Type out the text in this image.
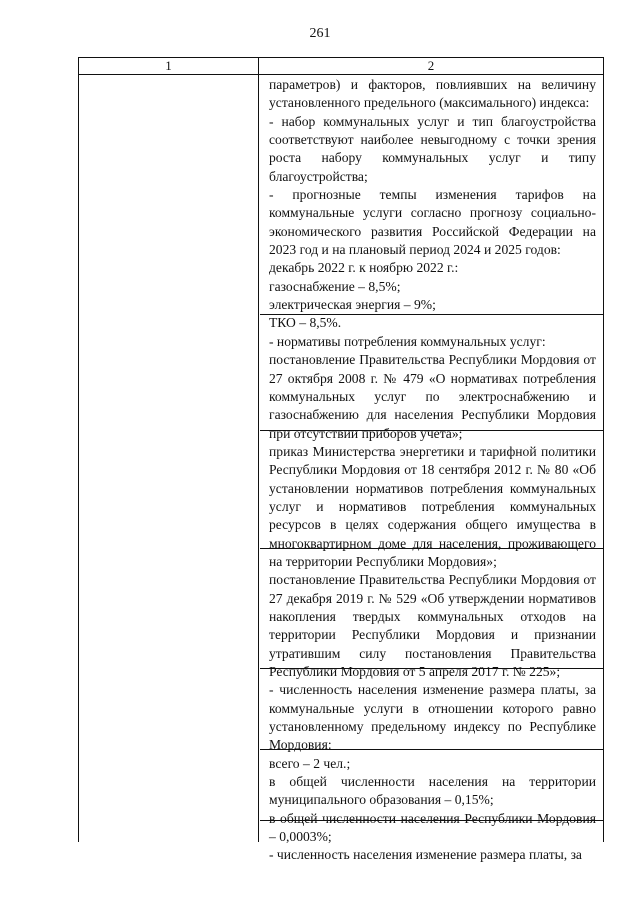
261
1	2

параметров) и факторов, повлиявших на величину установленного предельного (максимального) индекса:

- набор коммунальных услуг и тип благоустройства соответствуют наиболее невыгодному с точки зрения роста набору коммунальных услуг и типу благоустройства;

- прогнозные темпы изменения тарифов на коммунальные услуги согласно прогнозу социально-экономического развития Российской Федерации на 2023 год и на плановый период 2024 и 2025 годов:

декабрь 2022 г. к ноябрю 2022 г.:

газоснабжение – 8,5%;

электрическая энергия – 9%;

ТКО – 8,5%.

- нормативы потребления коммунальных услуг:

постановление Правительства Республики Мордовия от 27 октября 2008 г. № 479 «О нормативах потребления коммунальных услуг по электроснабжению и газоснабжению для населения Республики Мордовия при отсутствии приборов учета»;

приказ Министерства энергетики и тарифной политики Республики Мордовия от 18 сентября 2012 г. № 80 «Об установлении нормативов потребления коммунальных услуг и нормативов потребления коммунальных ресурсов в целях содержания общего имущества в многоквартирном доме для населения, проживающего на территории Республики Мордовия»;

постановление Правительства Республики Мордовия от 27 декабря 2019 г. № 529 «Об утверждении нормативов накопления твердых коммунальных отходов на территории Республики Мордовия и признании утратившим силу постановления Правительства Республики Мордовия от 5 апреля 2017 г. № 225»;

- численность населения изменение размера платы, за коммунальные услуги в отношении которого равно установленному предельному индексу по Республике Мордовия:

всего – 2 чел.;

в общей численности населения на территории муниципального образования – 0,15%;

в общей численности населения Республики Мордовия – 0,0003%;

- численность населения изменение размера платы, за
